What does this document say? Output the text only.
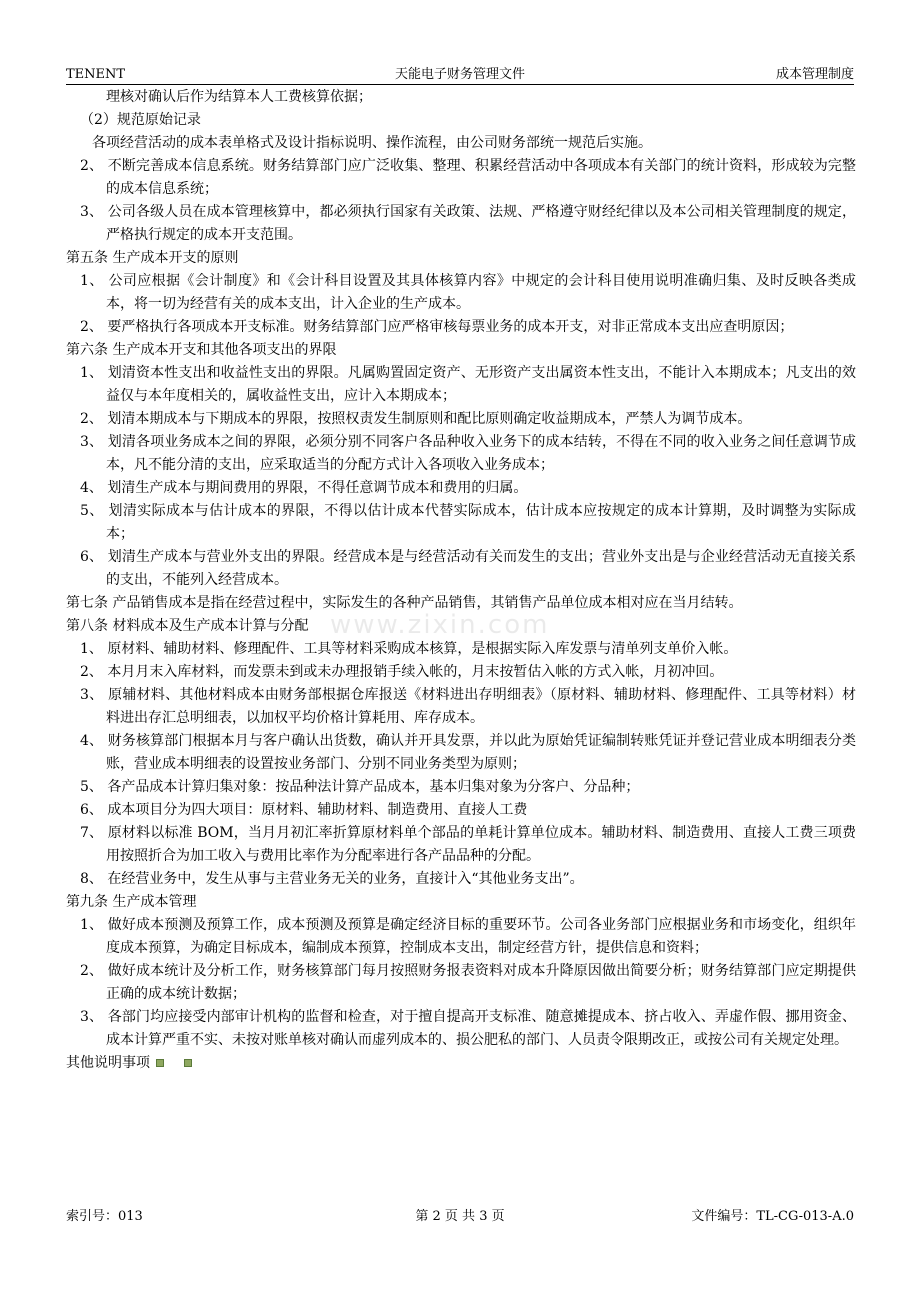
TENENT	天能电子财务管理文件	成本管理制度

理核对确认后作为结算本人工费核算依据；

（2）规范原始记录

各项经营活动的成本表单格式及设计指标说明、操作流程，由公司财务部统一规范后实施。

2、 不断完善成本信息系统。财务结算部门应广泛收集、整理、积累经营活动中各项成本有关部门的统计资料，形成较为完整的成本信息系统；

3、 公司各级人员在成本管理核算中，都必须执行国家有关政策、法规、严格遵守财经纪律以及本公司相关管理制度的规定，严格执行规定的成本开支范围。

第五条 生产成本开支的原则

1、 公司应根据《会计制度》和《会计科目设置及其具体核算内容》中规定的会计科目使用说明准确归集、及时反映各类成本，将一切为经营有关的成本支出，计入企业的生产成本。

2、 要严格执行各项成本开支标准。财务结算部门应严格审核每票业务的成本开支，对非正常成本支出应查明原因；

第六条 生产成本开支和其他各项支出的界限

1、 划清资本性支出和收益性支出的界限。凡属购置固定资产、无形资产支出属资本性支出，不能计入本期成本；凡支出的效益仅与本年度相关的，属收益性支出，应计入本期成本；

2、 划清本期成本与下期成本的界限，按照权责发生制原则和配比原则确定收益期成本，严禁人为调节成本。

3、 划清各项业务成本之间的界限，必须分别不同客户各品种收入业务下的成本结转，不得在不同的收入业务之间任意调节成本，凡不能分清的支出，应采取适当的分配方式计入各项收入业务成本；

4、 划清生产成本与期间费用的界限，不得任意调节成本和费用的归属。

5、 划清实际成本与估计成本的界限，不得以估计成本代替实际成本，估计成本应按规定的成本计算期，及时调整为实际成本；

6、 划清生产成本与营业外支出的界限。经营成本是与经营活动有关而发生的支出；营业外支出是与企业经营活动无直接关系的支出，不能列入经营成本。

第七条 产品销售成本是指在经营过程中，实际发生的各种产品销售，其销售产品单位成本相对应在当月结转。

第八条 材料成本及生产成本计算与分配

1、 原材料、辅助材料、修理配件、工具等材料采购成本核算，是根据实际入库发票与清单列支单价入帐。

2、 本月月末入库材料，而发票未到或未办理报销手续入帐的，月末按暂估入帐的方式入帐，月初冲回。

3、 原辅材料、其他材料成本由财务部根据仓库报送《材料进出存明细表》（原材料、辅助材料、修理配件、工具等材料）材料进出存汇总明细表，以加权平均价格计算耗用、库存成本。

4、 财务核算部门根据本月与客户确认出货数，确认并开具发票，并以此为原始凭证编制转账凭证并登记营业成本明细表分类账，营业成本明细表的设置按业务部门、分别不同业务类型为原则；

5、 各产品成本计算归集对象：按品种法计算产品成本，基本归集对象为分客户、分品种；

6、 成本项目分为四大项目：原材料、辅助材料、制造费用、直接人工费

7、 原材料以标准 BOM，当月月初汇率折算原材料单个部品的单耗计算单位成本。辅助材料、制造费用、直接人工费三项费用按照折合为加工收入与费用比率作为分配率进行各产品品种的分配。

8、 在经营业务中，发生从事与主营业务无关的业务，直接计入“其他业务支出”。

第九条 生产成本管理

1、 做好成本预测及预算工作，成本预测及预算是确定经济目标的重要环节。公司各业务部门应根据业务和市场变化，组织年度成本预算，为确定目标成本，编制成本预算，控制成本支出，制定经营方针，提供信息和资料；

2、 做好成本统计及分析工作，财务核算部门每月按照财务报表资料对成本升降原因做出简要分析；财务结算部门应定期提供正确的成本统计数据；

3、 各部门均应接受内部审计机构的监督和检查，对于擅自提高开支标准、随意摊提成本、挤占收入、弄虚作假、挪用资金、成本计算严重不实、未按对账单核对确认而虚列成本的、损公肥私的部门、人员责令限期改正，或按公司有关规定处理。

其他说明事项

www.zixin.com
索引号：013	第 2 页 共 3 页	文件编号：TL-CG-013-A.0
